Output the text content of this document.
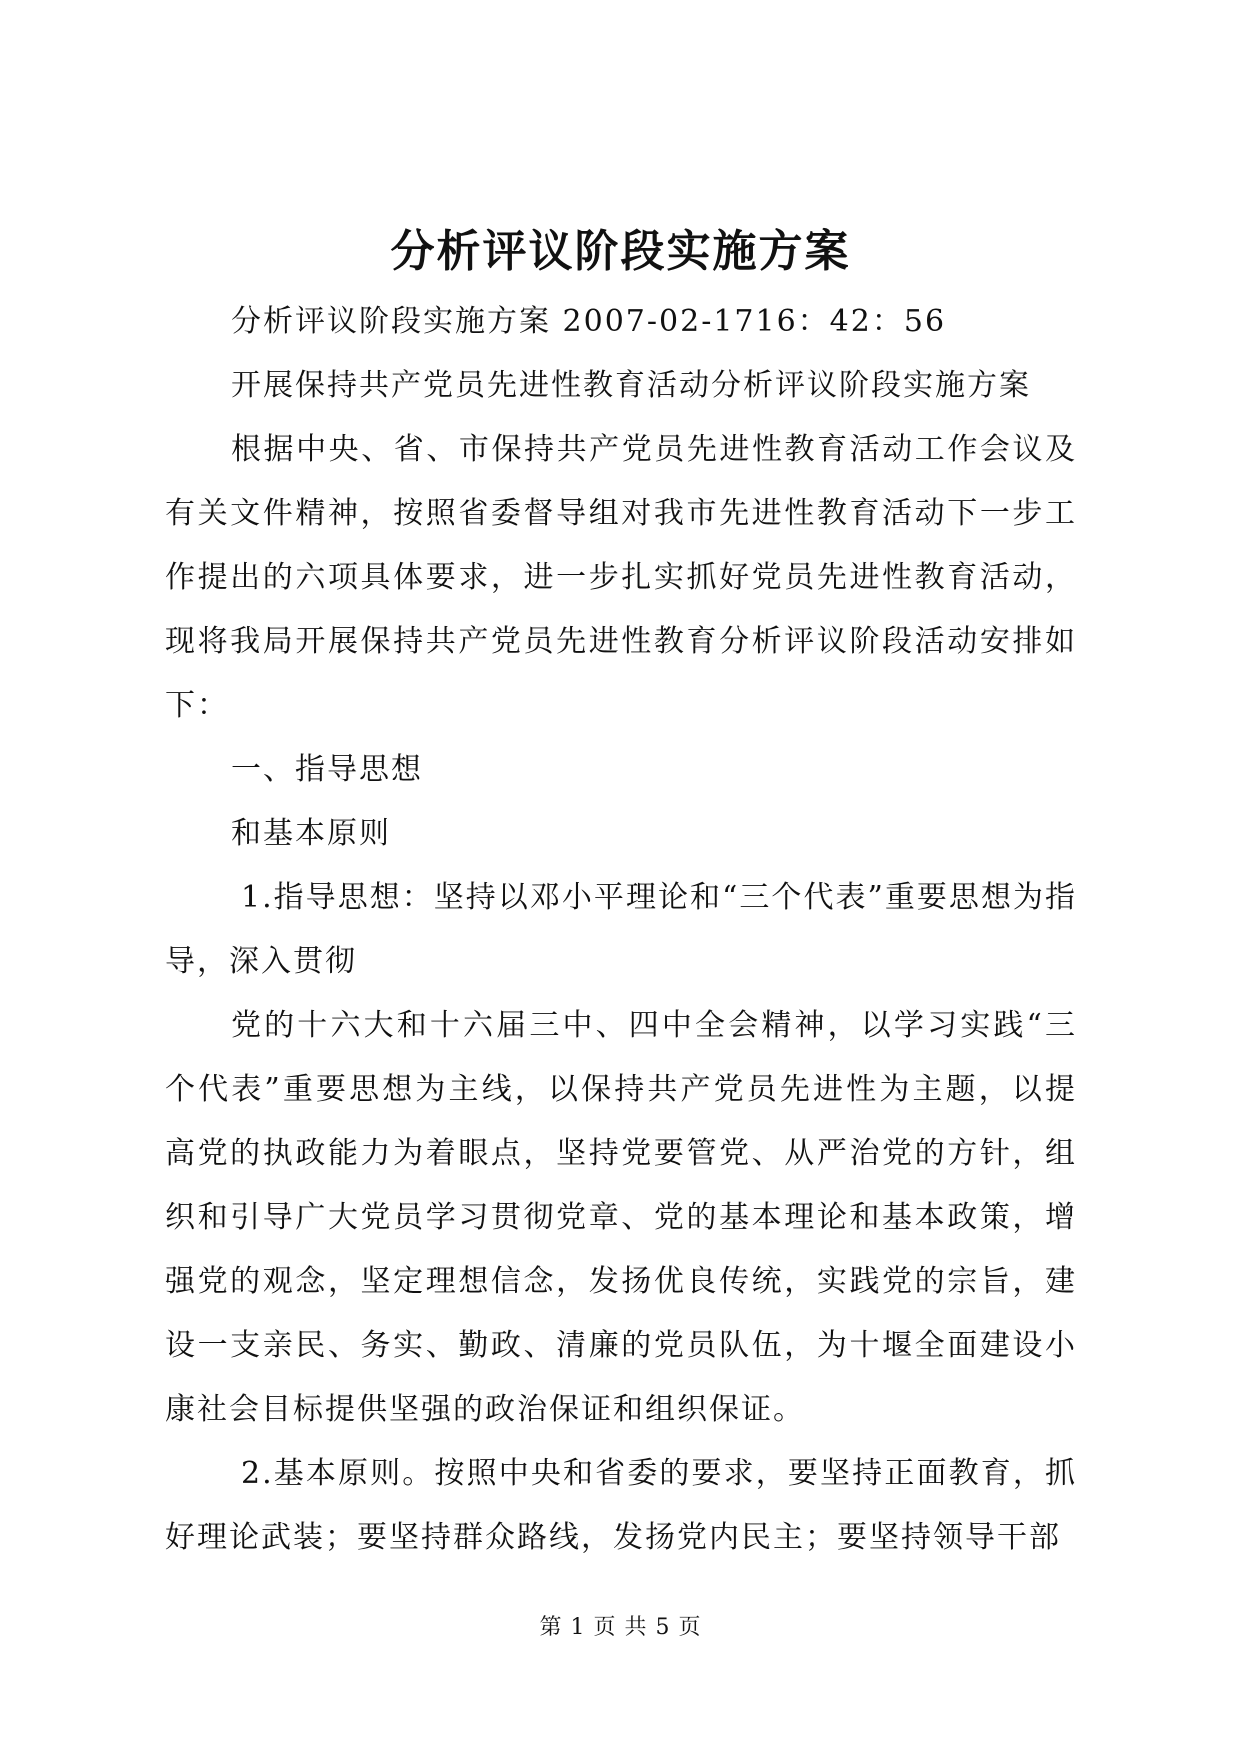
分析评议阶段实施方案

分析评议阶段实施方案 2007-02-1716：42：56

开展保持共产党员先进性教育活动分析评议阶段实施方案

根据中央、省、市保持共产党员先进性教育活动工作会议及有关文件精神，按照省委督导组对我市先进性教育活动下一步工作提出的六项具体要求，进一步扎实抓好党员先进性教育活动，现将我局开展保持共产党员先进性教育分析评议阶段活动安排如下：

一、指导思想

和基本原则

1.指导思想：坚持以邓小平理论和“三个代表”重要思想为指导，深入贯彻

党的十六大和十六届三中、四中全会精神，以学习实践“三个代表”重要思想为主线，以保持共产党员先进性为主题，以提高党的执政能力为着眼点，坚持党要管党、从严治党的方针，组织和引导广大党员学习贯彻党章、党的基本理论和基本政策，增强党的观念，坚定理想信念，发扬优良传统，实践党的宗旨，建设一支亲民、务实、勤政、清廉的党员队伍，为十堰全面建设小康社会目标提供坚强的政治保证和组织保证。

2.基本原则。按照中央和省委的要求，要坚持正面教育，抓好理论武装；要坚持群众路线，发扬党内民主；要坚持领导干部

第 1 页 共 5 页
